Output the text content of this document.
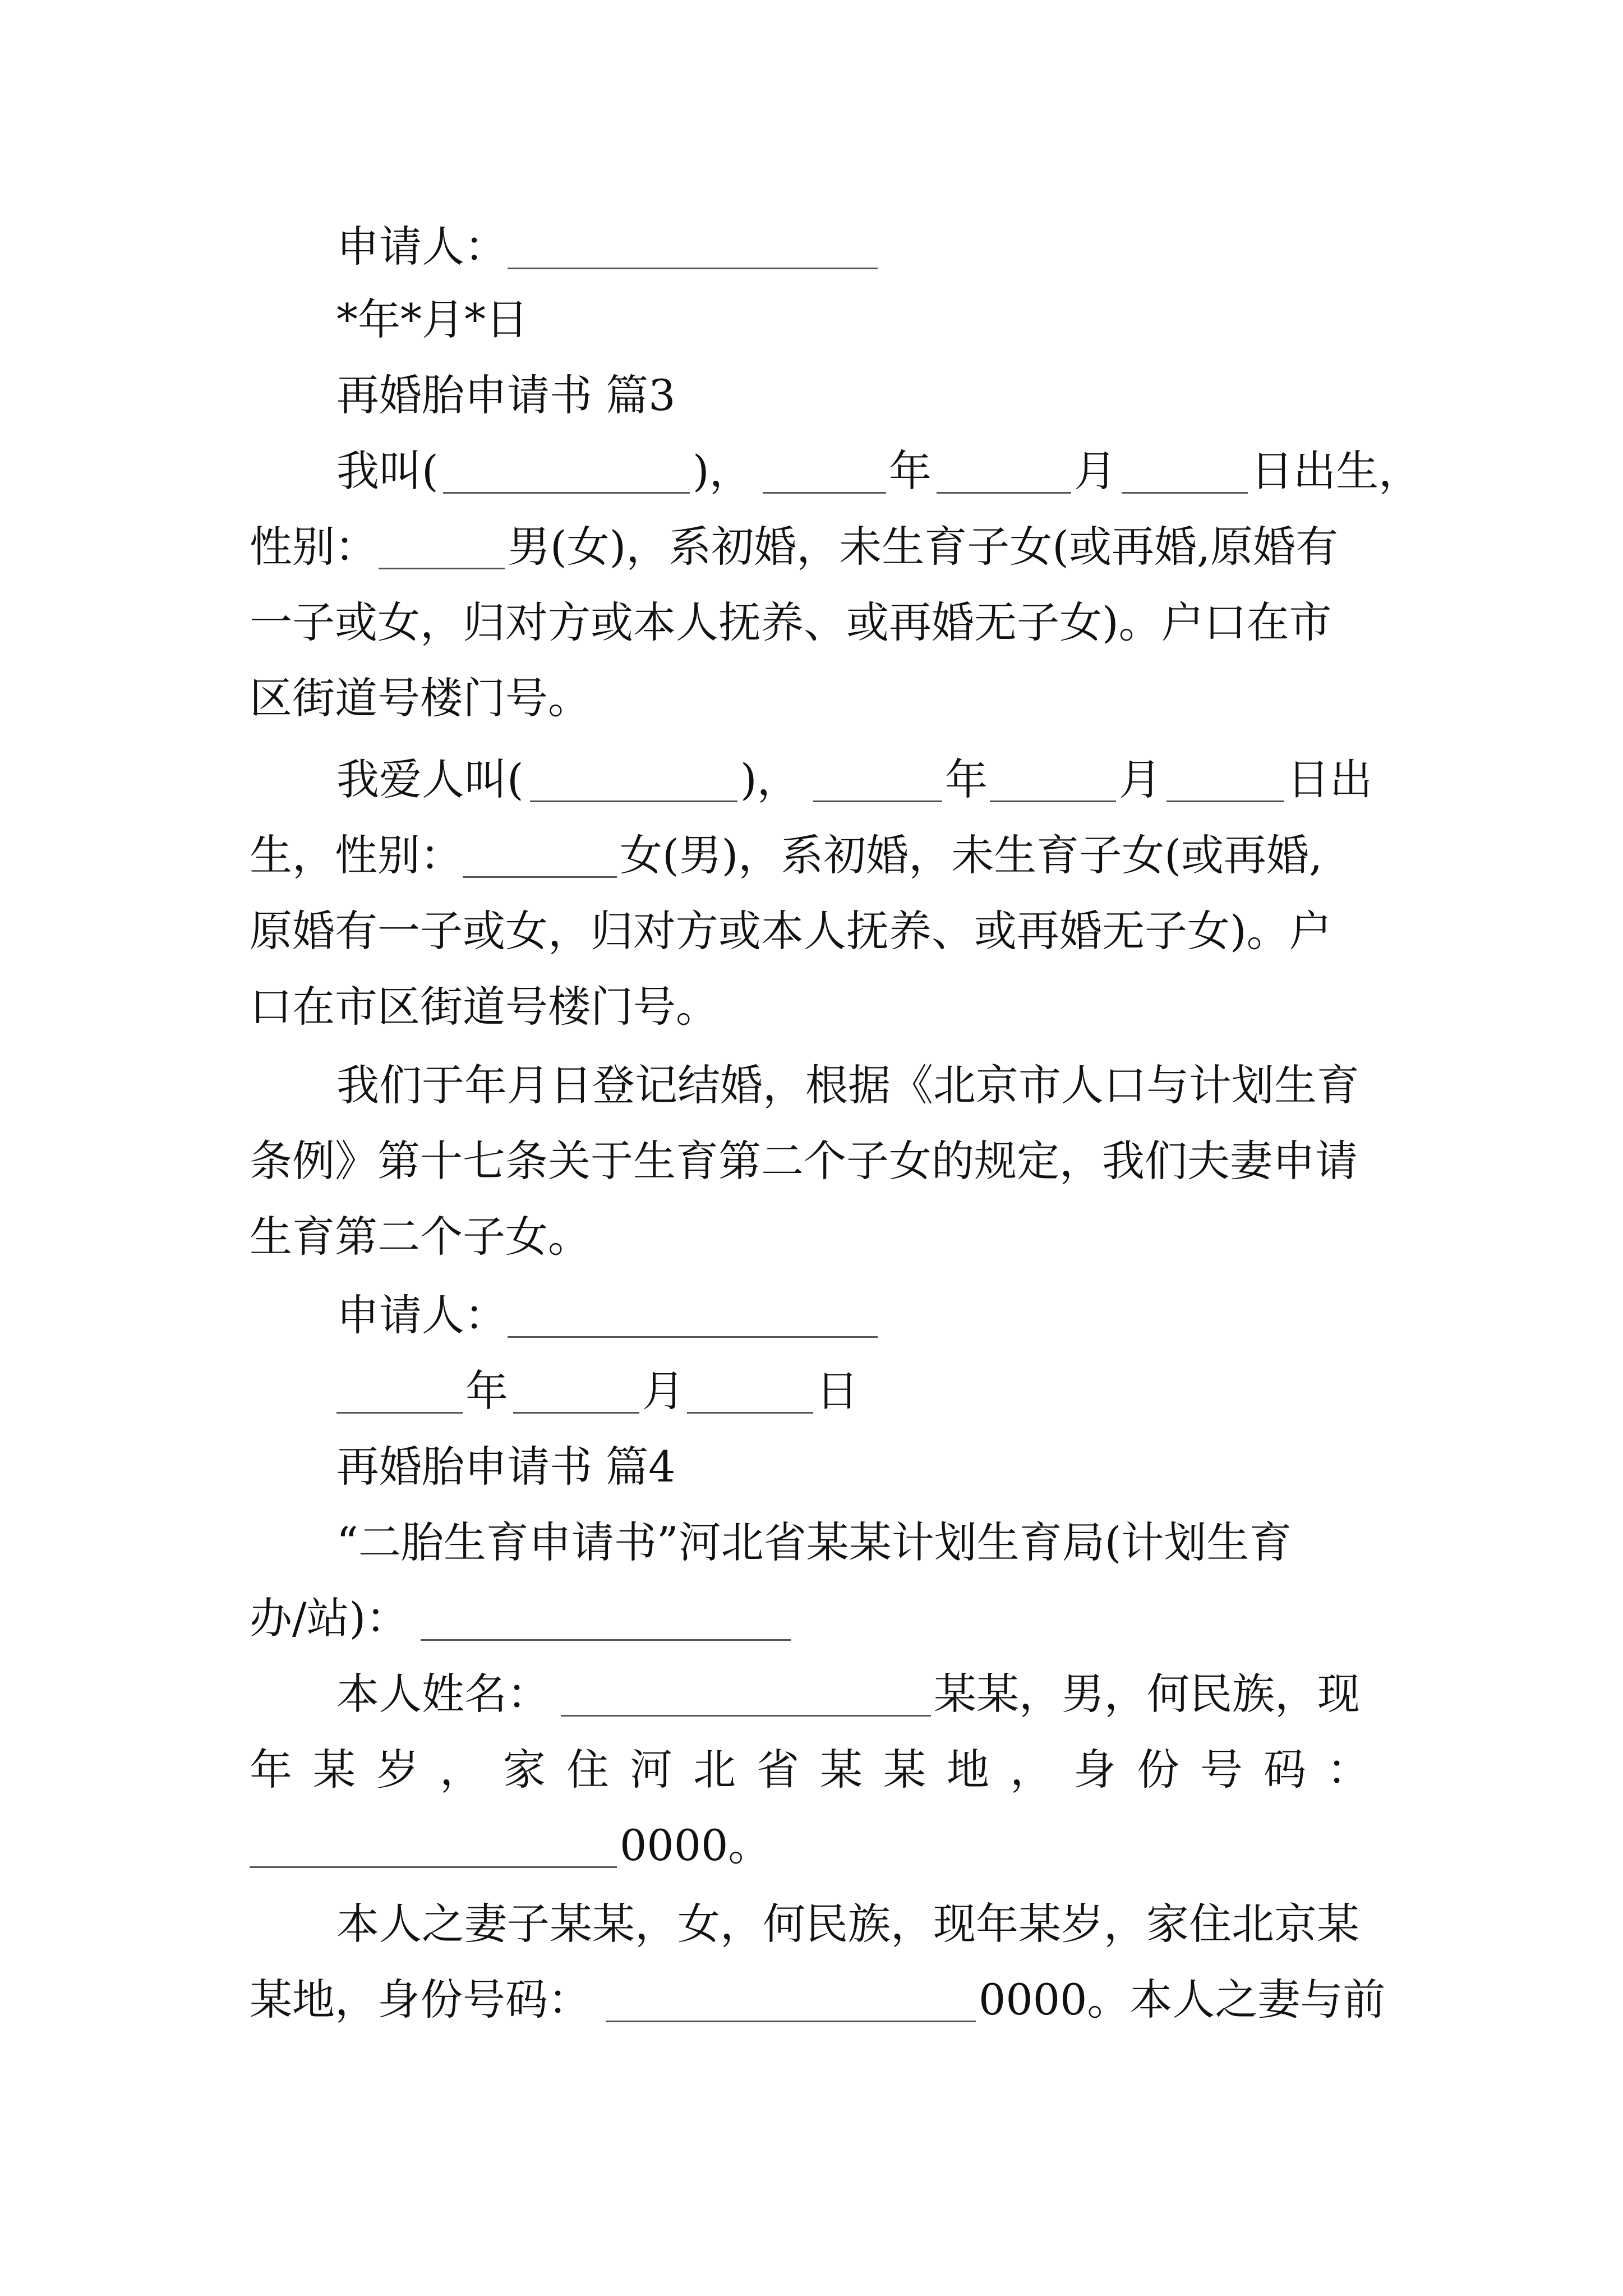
申请人：
*年*月*日
再婚胎申请书 篇3
我叫(	)，	年	月	日出生，
性别：	男(女)，系初婚，未生育子女(或再婚,原婚有
一子或女，归对方或本人抚养、或再婚无子女)。户口在市
区街道号楼门号。
我爱人叫(	)，	年	月	日出
生，性别：	女(男)，系初婚，未生育子女(或再婚,
原婚有一子或女，归对方或本人抚养、或再婚无子女)。户
口在市区街道号楼门号。
我们于年月日登记结婚，根据《北京市人口与计划生育
条例》第十七条关于生育第二个子女的规定，我们夫妻申请
生育第二个子女。
申请人：
年	月	日
再婚胎申请书 篇4
“二胎生育申请书”河北省某某计划生育局(计划生育
办/站)：
本人姓名：	某某，男，何民族，现
年 某 岁 ， 家 住 河 北 省 某 某 地 ， 身 份 号 码 ：
0000。
本人之妻子某某，女，何民族，现年某岁，家住北京某
某地，身份号码：	0000。本人之妻与前
